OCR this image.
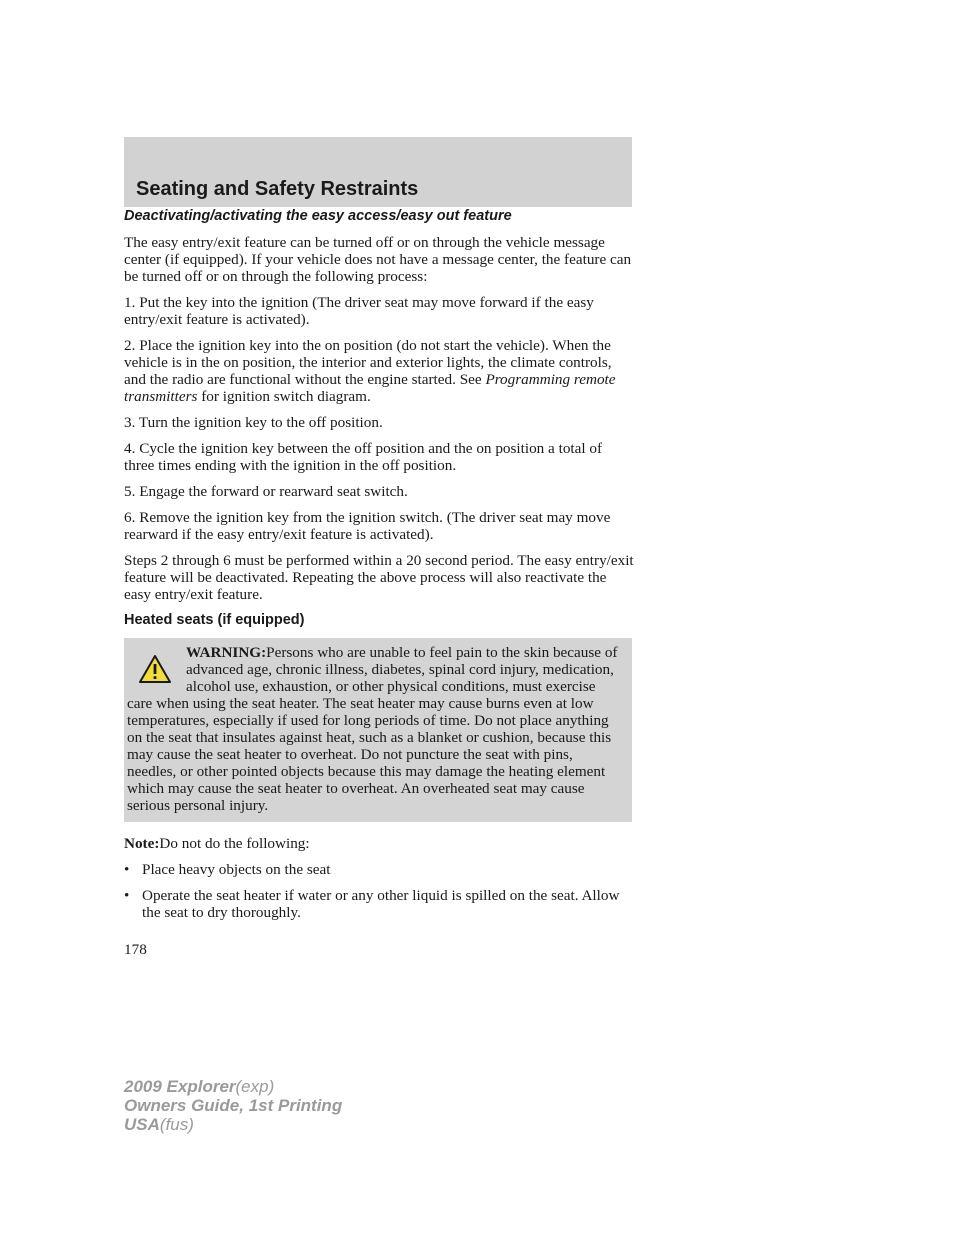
Seating and Safety Restraints

Deactivating/activating the easy access/easy out feature

The easy entry/exit feature can be turned off or on through the vehicle message center (if equipped). If your vehicle does not have a message center, the feature can be turned off or on through the following process:

1. Put the key into the ignition (The driver seat may move forward if the easy entry/exit feature is activated).

2. Place the ignition key into the on position (do not start the vehicle). When the vehicle is in the on position, the interior and exterior lights, the climate controls, and the radio are functional without the engine started. See Programming remote transmitters for ignition switch diagram.

3. Turn the ignition key to the off position.

4. Cycle the ignition key between the off position and the on position a total of three times ending with the ignition in the off position.

5. Engage the forward or rearward seat switch.

6. Remove the ignition key from the ignition switch. (The driver seat may move rearward if the easy entry/exit feature is activated).

Steps 2 through 6 must be performed within a 20 second period. The easy entry/exit feature will be deactivated. Repeating the above process will also reactivate the easy entry/exit feature.

Heated seats (if equipped)

WARNING:Persons who are unable to feel pain to the skin because of advanced age, chronic illness, diabetes, spinal cord injury, medication, alcohol use, exhaustion, or other physical conditions, must exercise care when using the seat heater. The seat heater may cause burns even at low temperatures, especially if used for long periods of time. Do not place anything on the seat that insulates against heat, such as a blanket or cushion, because this may cause the seat heater to overheat. Do not puncture the seat with pins, needles, or other pointed objects because this may damage the heating element which may cause the seat heater to overheat. An overheated seat may cause serious personal injury.

Note:Do not do the following:

• Place heavy objects on the seat
• Operate the seat heater if water or any other liquid is spilled on the seat. Allow the seat to dry thoroughly.
178
2009 Explorer(exp)
Owners Guide, 1st Printing
USA(fus)
